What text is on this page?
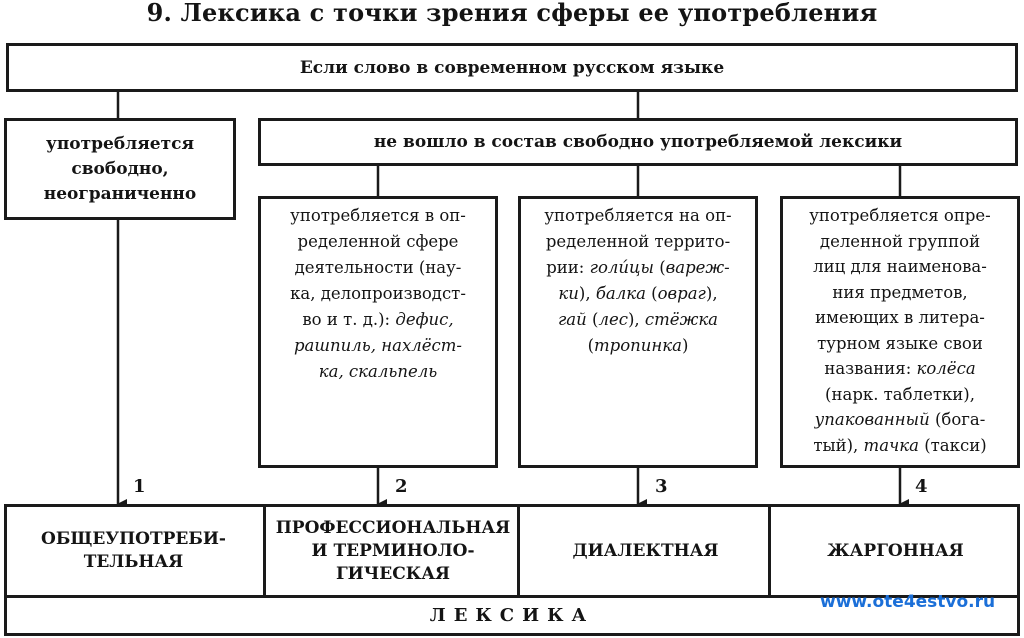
9. Лексика с точки зрения сферы ее употребления
Если слово в современном русском языке
употребляется
свободно,
неограниченно
не вошло в состав свободно употребляемой лексики
употребляется в оп-
ределенной сфере
деятельности (нау-
ка, делопроизводст-
во и т. д.): дефис,
рашпиль, нахлёст-
ка, скальпель
употребляется на оп-
ределенной террито-
рии: голи́цы (вареж-
ки), балка (овраг),
гай (лес), стёжка
(тропинка)
употребляется опре-
деленной группой
лиц для наименова-
ния предметов,
имеющих в литера-
турном языке свои
названия: колёса
(нарк. таблетки),
упакованный (бога-
тый), тачка (такси)
1	2	3	4
ОБЩЕУПОТРЕБИ-
ТЕЛЬНАЯ
ПРОФЕССИОНАЛЬНАЯ
И ТЕРМИНОЛО-
ГИЧЕСКАЯ
ДИАЛЕКТНАЯ	ЖАРГОННАЯ
ЛЕКСИКА
www.ote4estvo.ru
